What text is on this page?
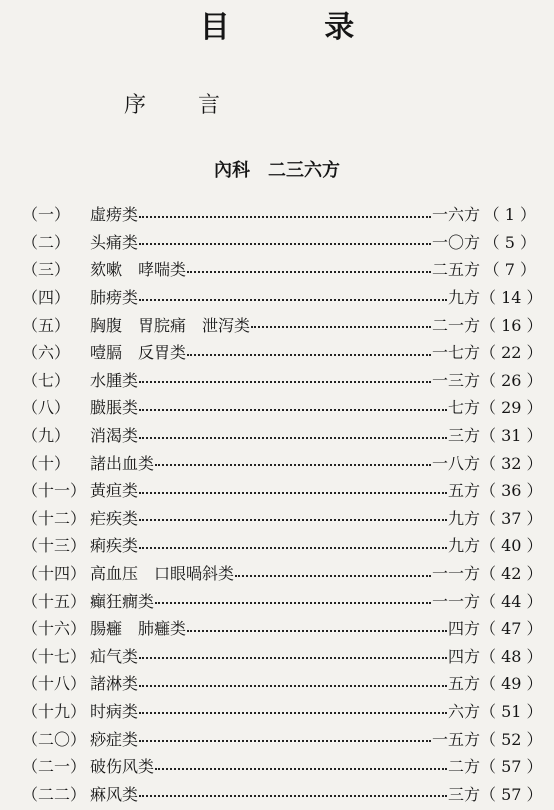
目 录
序言
內科　二三六方
（一）	虛痨类	一六方 （ 1 ）
（二）	头痛类	一〇方 （ 5 ）
（三）	欬嗽　哮喘类	二五方 （ 7 ）
（四）	肺痨类	九方 （ 14 ）
（五）	胸腹　胃脘痛　泄泻类	二一方 （ 16 ）
（六）	噎膈　反胃类	一七方 （ 22 ）
（七）	水腫类	一三方 （ 26 ）
（八）	臌脹类	七方 （ 29 ）
（九）	消渴类	三方 （ 31 ）
（十）	諸出血类	一八方 （ 32 ）
（十一） 黃疸类	五方 （ 36 ）
（十二） 疟疾类	九方 （ 37 ）
（十三） 痢疾类	九方 （ 40 ）
（十四） 高血压　口眼喎斜类	一一方 （ 42 ）
（十五） 癲狂癇类	一一方 （ 44 ）
（十六） 腸癰　肺癰类	四方 （ 47 ）
（十七） 疝气类	四方 （ 48 ）
（十八） 諸淋类	五方 （ 49 ）
（十九） 时病类	六方 （ 51 ）
（二〇） 痧症类	一五方 （ 52 ）
（二一） 破伤风类	二方 （ 57 ）
（二二） 痳风类	三方 （ 57 ）
